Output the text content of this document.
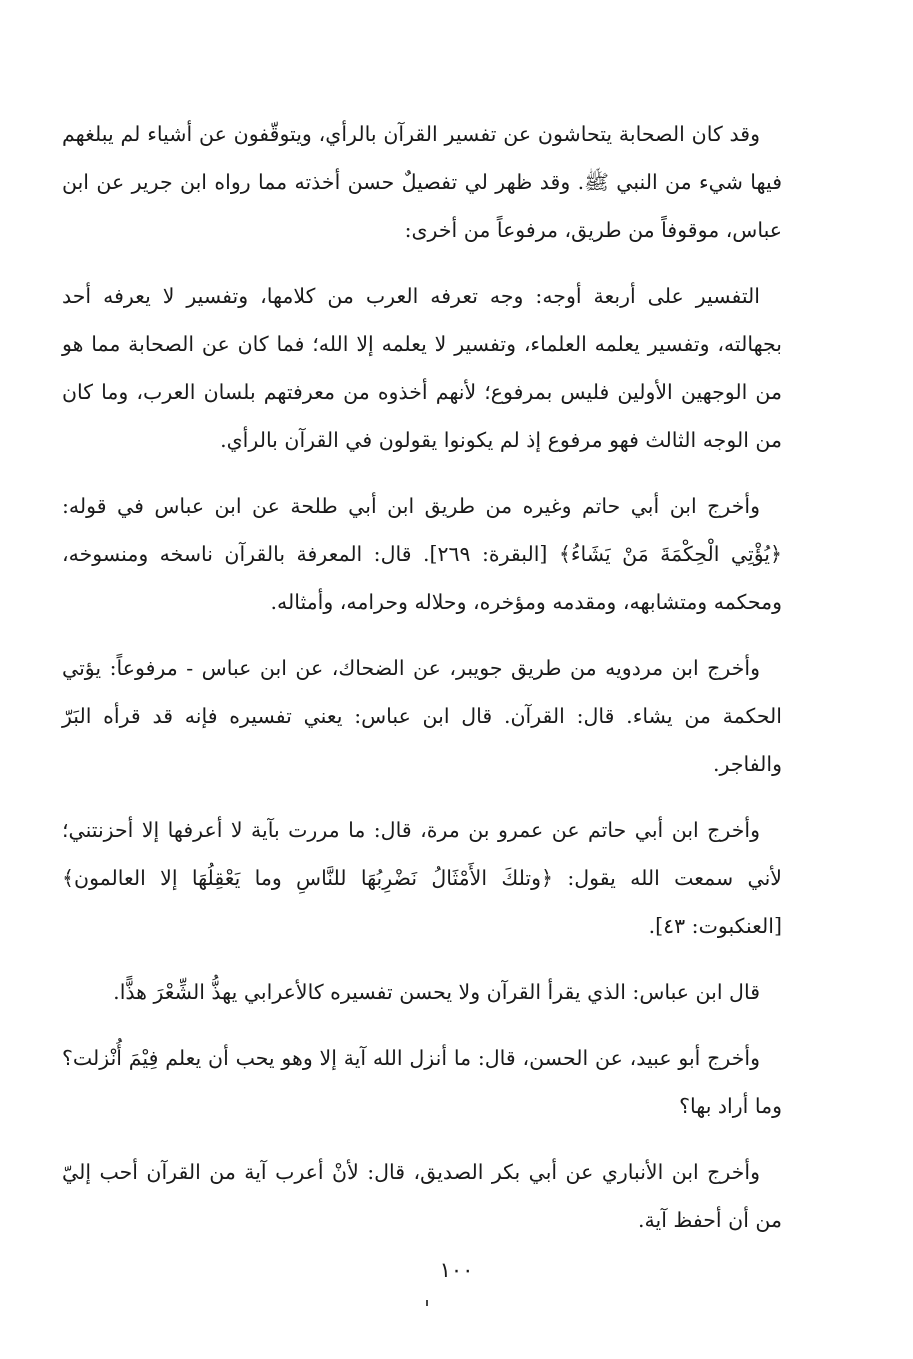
وقد كان الصحابة يتحاشون عن تفسير القرآن بالرأي، ويتوقّفون عن أشياء لم يبلغهم فيها شيء من النبي ﷺ. وقد ظهر لي تفصيلٌ حسن أخذته مما رواه ابن جرير عن ابن عباس، موقوفاً من طريق، مرفوعاً من أخرى:

التفسير على أربعة أوجه: وجه تعرفه العرب من كلامها، وتفسير لا يعرفه أحد بجهالته، وتفسير يعلمه العلماء، وتفسير لا يعلمه إلا الله؛ فما كان عن الصحابة مما هو من الوجهين الأولين فليس بمرفوع؛ لأنهم أخذوه من معرفتهم بلسان العرب، وما كان من الوجه الثالث فهو مرفوع إذ لم يكونوا يقولون في القرآن بالرأي.

وأخرج ابن أبي حاتم وغيره من طريق ابن أبي طلحة عن ابن عباس في قوله: ﴿يُؤْتِي الْحِكْمَةَ مَنْ يَشَاءُ﴾ [البقرة: ٢٦٩]. قال: المعرفة بالقرآن ناسخه ومنسوخه، ومحكمه ومتشابهه، ومقدمه ومؤخره، وحلاله وحرامه، وأمثاله.

وأخرج ابن مردويه من طريق جويبر، عن الضحاك، عن ابن عباس - مرفوعاً: يؤتي الحكمة من يشاء. قال: القرآن. قال ابن عباس: يعني تفسيره فإنه قد قرأه البَرّ والفاجر.

وأخرج ابن أبي حاتم عن عمرو بن مرة، قال: ما مررت بآية لا أعرفها إلا أحزنتني؛ لأني سمعت الله يقول: ﴿وتلكَ الأَمْثَالُ نَضْرِبُهَا للنَّاسِ وما يَعْقِلُهَا إلا العالمون﴾ [العنكبوت: ٤٣].

قال ابن عباس: الذي يقرأ القرآن ولا يحسن تفسيره كالأعرابي يهذُّ الشِّعْرَ هذًّا.

وأخرج أبو عبيد، عن الحسن، قال: ما أنزل الله آية إلا وهو يحب أن يعلم فِيْمَ أُنْزلت؟ وما أراد بها؟

وأخرج ابن الأنباري عن أبي بكر الصديق، قال: لأنْ أعرب آية من القرآن أحب إليّ من أن أحفظ آية.

١٠٠
